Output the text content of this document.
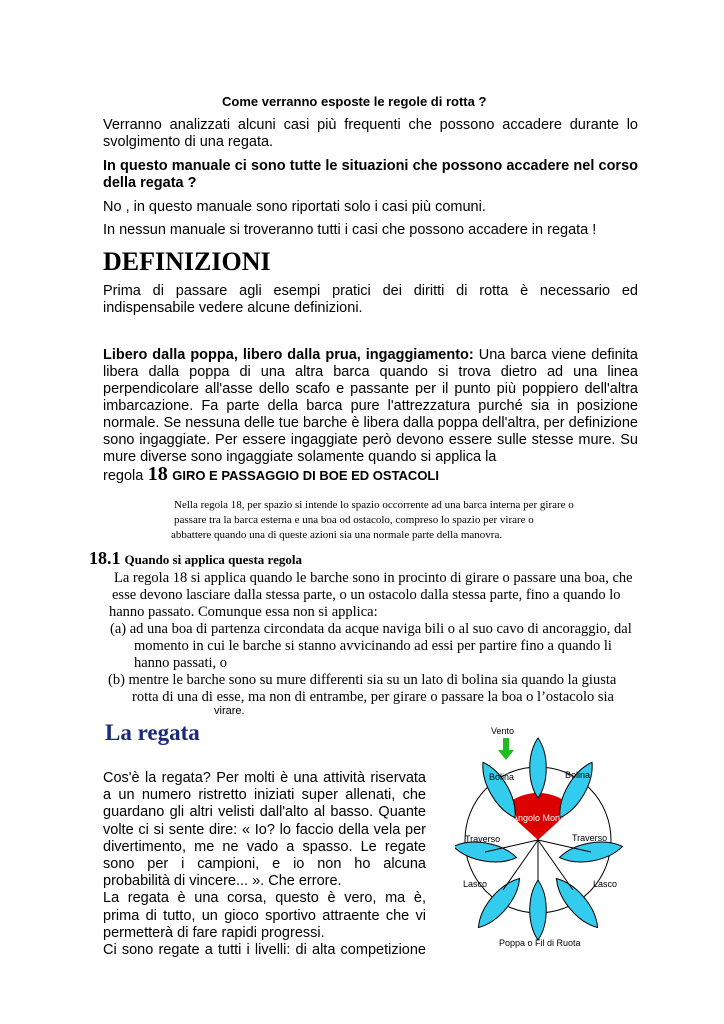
Come verranno esposte le regole di rotta ?

Verranno analizzati alcuni casi più frequenti che possono accadere durante lo svolgimento di una regata.

In questo manuale ci sono tutte le situazioni che possono accadere nel corso della regata ?

No , in questo manuale sono riportati solo i casi più comuni.

In nessun manuale si troveranno tutti i casi che possono accadere in regata !

DEFINIZIONI

Prima di passare agli esempi pratici dei diritti di rotta è necessario ed indispensabile vedere alcune definizioni.

Libero dalla poppa, libero dalla prua, ingaggiamento: Una barca viene definita libera dalla poppa di una altra barca quando si trova dietro ad una linea perpendicolare all'asse dello scafo e passante per il punto più poppiero dell'altra imbarcazione. Fa parte della barca pure l'attrezzatura purché sia in posizione normale. Se nessuna delle tue barche è libera dalla poppa dell'altra, per definizione sono ingaggiate. Per essere ingaggiate però devono essere sulle stesse mure. Su mure diverse sono ingaggiate solamente quando si applica la

regola 18 GIRO E PASSAGGIO DI BOE ED OSTACOLI
Nella regola 18, per spazio si intende lo spazio occorrente ad una barca interna per girare o
passare tra la barca esterna e una boa od ostacolo, compreso lo spazio per virare o
abbattere quando una di queste azioni sia una normale parte della manovra.
18.1 Quando si applica questa regola
La regola 18 si applica quando le barche sono in procinto di girare o passare una boa, che
esse devono lasciare dalla stessa parte, o un ostacolo dalla stessa parte, fino a quando lo
hanno passato. Comunque essa non si applica:
(a) ad una boa di partenza circondata da acque naviga bili o al suo cavo di ancoraggio, dal
momento in cui le barche si stanno avvicinando ad essi per partire fino a quando li
hanno passati, o
(b) mentre le barche sono su mure differenti sia su un lato di bolina sia quando la giusta
rotta di una di esse, ma non di entrambe, per girare o passare la boa o l’ostacolo sia
virare.
La regata
Cos'è la regata? Per molti è una attività riservata
a un numero ristretto iniziati super allenati, che
guardano gli altri velisti dall'alto al basso. Quante
volte ci si sente dire: « Io? lo faccio della vela per
divertimento, me ne vado a spasso. Le regate
sono per i campioni, e io non ho alcuna
probabilità di vincere... ». Che errore.
La regata è una corsa, questo è vero, ma è,
prima di tutto, un gioco sportivo attraente che vi
permetterà di fare rapidi progressi.
Ci sono regate a tutti i livelli: di alta competizione
Vento
Angolo Morto
Bolina	Bolina
Traverso	Traverso
Lasco	Lasco
Poppa o Fil di Ruota
